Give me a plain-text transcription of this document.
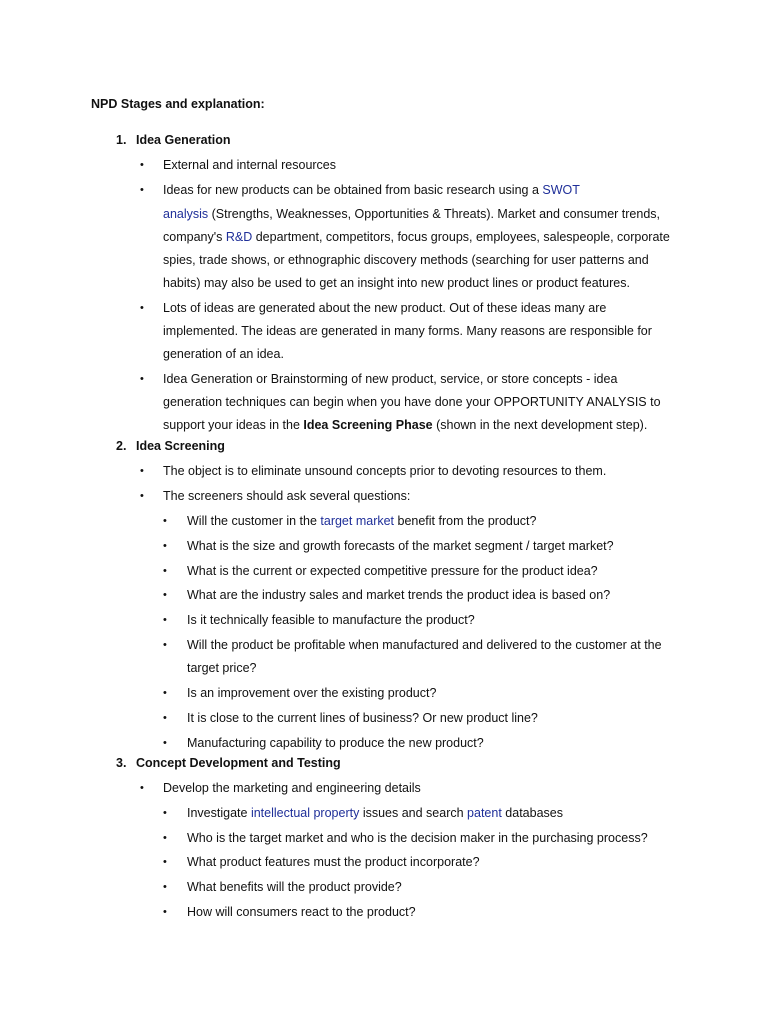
NPD Stages and explanation:
1. Idea Generation
• External and internal resources
• Ideas for new products can be obtained from basic research using a SWOT
analysis (Strengths, Weaknesses, Opportunities & Threats). Market and consumer trends,
company's R&D department, competitors, focus groups, employees, salespeople, corporate
spies, trade shows, or ethnographic discovery methods (searching for user patterns and
habits) may also be used to get an insight into new product lines or product features.
• Lots of ideas are generated about the new product. Out of these ideas many are
implemented. The ideas are generated in many forms. Many reasons are responsible for
generation of an idea.
• Idea Generation or Brainstorming of new product, service, or store concepts - idea
generation techniques can begin when you have done your OPPORTUNITY ANALYSIS to
support your ideas in the Idea Screening Phase (shown in the next development step).
2. Idea Screening
• The object is to eliminate unsound concepts prior to devoting resources to them.
• The screeners should ask several questions:
• Will the customer in the target market benefit from the product?
• What is the size and growth forecasts of the market segment / target market?
• What is the current or expected competitive pressure for the product idea?
• What are the industry sales and market trends the product idea is based on?
• Is it technically feasible to manufacture the product?
• Will the product be profitable when manufactured and delivered to the customer at the
target price?
• Is an improvement over the existing product?
• It is close to the current lines of business? Or new product line?
• Manufacturing capability to produce the new product?
3. Concept Development and Testing
• Develop the marketing and engineering details
• Investigate intellectual property issues and search patent databases
• Who is the target market and who is the decision maker in the purchasing process?
• What product features must the product incorporate?
• What benefits will the product provide?
• How will consumers react to the product?
